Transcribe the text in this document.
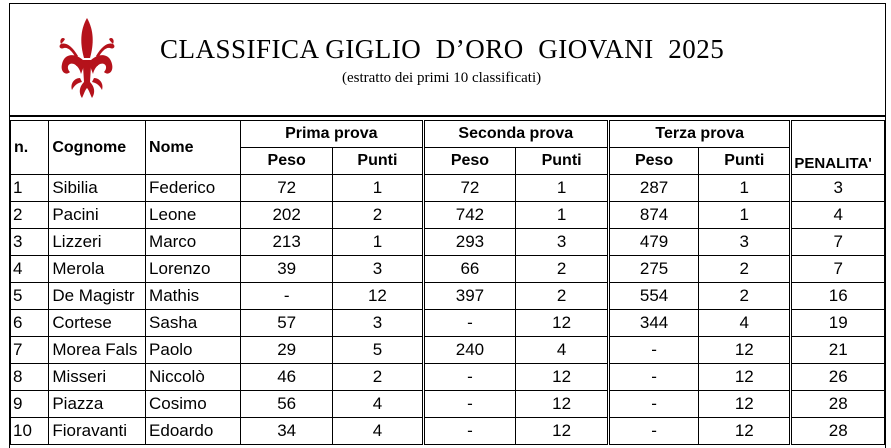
CLASSIFICA GIGLIO  D’ORO  GIOVANI  2025
(estratto dei primi 10 classificati)
n.	Cognome	Nome	Prima prova		Seconda prova		Terza prova		PENALITA'
			Peso	Punti	Peso	Punti	Peso	Punti	
1	Sibilia	Federico	72	1	72	1	287	1	3
2	Pacini	Leone	202	2	742	1	874	1	4
3	Lizzeri	Marco	213	1	293	3	479	3	7
4	Merola	Lorenzo	39	3	66	2	275	2	7
5	De Magistr	Mathis	-	12	397	2	554	2	16
6	Cortese	Sasha	57	3	-	12	344	4	19
7	Morea Fals	Paolo	29	5	240	4	-	12	21
8	Misseri	Niccolò	46	2	-	12	-	12	26
9	Piazza	Cosimo	56	4	-	12	-	12	28
10	Fioravanti	Edoardo	34	4	-	12	-	12	28
